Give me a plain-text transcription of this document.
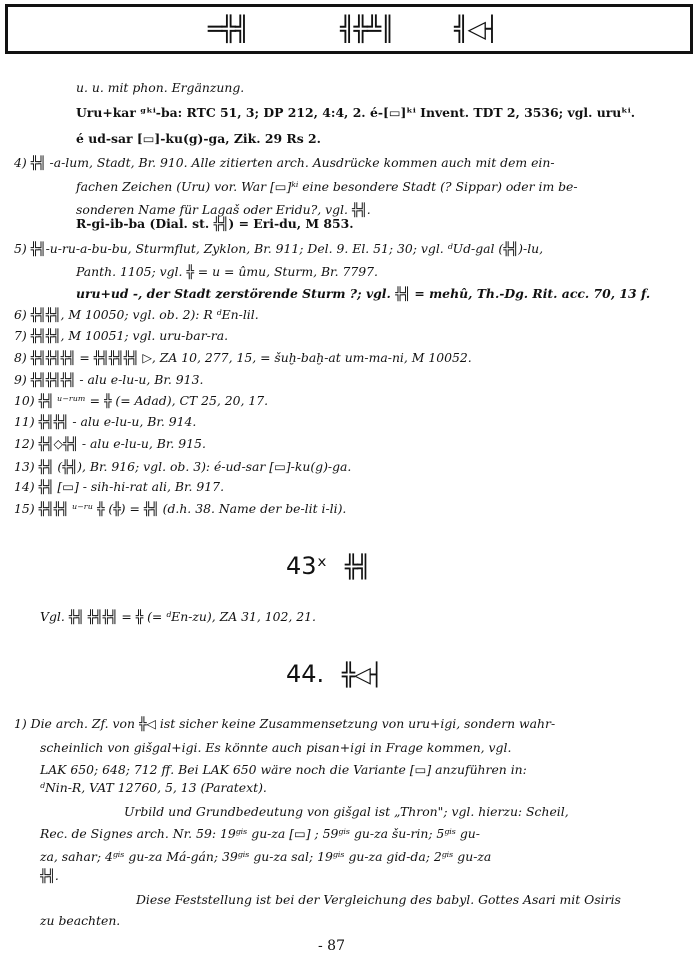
═╬╣	╣╬╩║	╣◁┤
u. u. mit phon. Ergänzung.
Uru+kar ᵍᵏⁱ-ba: RTC 51, 3; DP 212, 4:4, 2. é-[▭]ᵏⁱ Invent. TDT 2, 3536; vgl. uruᵏⁱ.
é ud-sar [▭]-ku(g)-ga, Zik. 29 Rs 2.
4) ╬╣ -a-lum, Stadt, Br. 910. Alle zitierten arch. Ausdrücke kommen auch mit dem ein-
fachen Zeichen (Uru) vor. War [▭]ᵏⁱ eine besondere Stadt (? Sippar) oder im be-
sonderen Name für Lagaš oder Eridu?, vgl. ╬╣.
R-gi-ib-ba (Dial. st. ╬╣) = Eri-du, M 853.
5) ╬╣-u-ru-a-bu-bu, Sturmflut, Zyklon, Br. 911; Del. 9. El. 51; 30; vgl. ᵈUd-gal (╬╣)-lu,
Panth. 1105; vgl. ╬ = u = ûmu, Sturm, Br. 7797.
uru+ud -, der Stadt zerstörende Sturm ?; vgl. ╬╣ = mehû, Th.-Dg. Rit. acc. 70, 13 f.
6) ╬╣╬╣, M 10050; vgl. ob. 2): R ᵈEn-lil.
7) ╬╣╬╣, M 10051; vgl. uru-bar-ra.
8) ╬╣╬╣╬╣ = ╬╣╬╣╬╣ ▷, ZA 10, 277, 15, = šuḫ-baḫ-at um-ma-ni, M 10052.
9) ╬╣╬╣╬╣ - alu e-lu-u, Br. 913.
10) ╬╣ ᵘ⁻ʳᵘᵐ = ╬ (= Adad), CT 25, 20, 17.
11) ╬╣╬╣ - alu e-lu-u, Br. 914.
12) ╬╣◇╬╣ - alu e-lu-u, Br. 915.
13) ╬╣ (╬╣), Br. 916; vgl. ob. 3): é-ud-sar [▭]-ku(g)-ga.
14) ╬╣ [▭] - sih-hi-rat ali, Br. 917.
15) ╬╣╬╣ ᵘ⁻ʳᵘ ╬ (╬) = ╬╣ (d.h. 38. Name der be-lit i-li).
43ˣ ╬╣
Vgl. ╬╣ ╬╣╬╣ = ╬ (= ᵈEn-zu), ZA 31, 102, 21.
44. ╬◁┤
1) Die arch. Zf. von ╬◁ ist sicher keine Zusammensetzung von uru+igi, sondern wahr-
scheinlich von gišgal+igi. Es könnte auch pisan+igi in Frage kommen, vgl.
LAK 650; 648; 712 ff. Bei LAK 650 wäre noch die Variante [▭] anzuführen in:
ᵈNin-R, VAT 12760, 5, 13 (Paratext).
Urbild und Grundbedeutung von gišgal ist „Thron"; vgl. hierzu: Scheil,
Rec. de Signes arch. Nr. 59: 19ᵍⁱˢ gu-za [▭] ; 59ᵍⁱˢ gu-za šu-rin; 5ᵍⁱˢ gu-
za, sahar; 4ᵍⁱˢ gu-za Má-gán; 39ᵍⁱˢ gu-za sal; 19ᵍⁱˢ gu-za gid-da; 2ᵍⁱˢ gu-za
╬╣.
Diese Feststellung ist bei der Vergleichung des babyl. Gottes Asari mit Osiris
zu beachten.
- 87
